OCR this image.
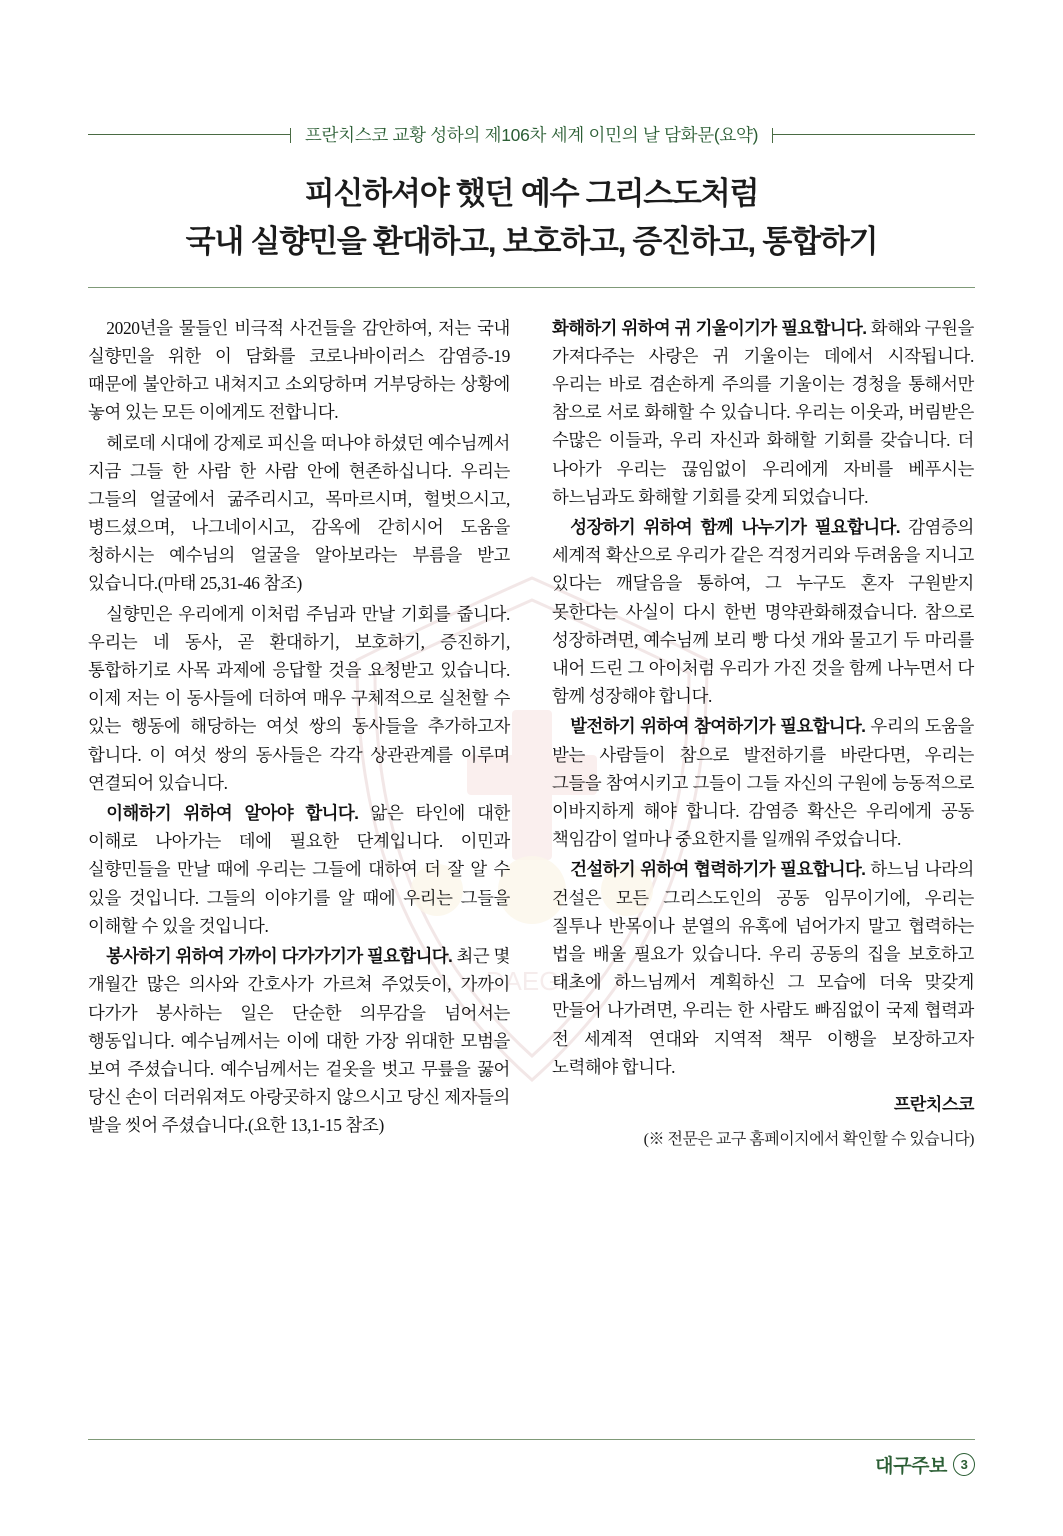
DAEGU
프란치스코 교황 성하의 제106차 세계 이민의 날 담화문(요약)
피신하셔야 했던 예수 그리스도처럼
국내 실향민을 환대하고, 보호하고, 증진하고, 통합하기

2020년을 물들인 비극적 사건들을 감안하여, 저는 국내 실향민을 위한 이 담화를 코로나바이러스 감염증-19 때문에 불안하고 내쳐지고 소외당하며 거부당하는 상황에 놓여 있는 모든 이에게도 전합니다.

헤로데 시대에 강제로 피신을 떠나야 하셨던 예수님께서 지금 그들 한 사람 한 사람 안에 현존하십니다. 우리는 그들의 얼굴에서 굶주리시고, 목마르시며, 헐벗으시고, 병드셨으며, 나그네이시고, 감옥에 갇히시어 도움을 청하시는 예수님의 얼굴을 알아보라는 부름을 받고 있습니다.(마태 25,31-46 참조)

실향민은 우리에게 이처럼 주님과 만날 기회를 줍니다. 우리는 네 동사, 곧 환대하기, 보호하기, 증진하기, 통합하기로 사목 과제에 응답할 것을 요청받고 있습니다. 이제 저는 이 동사들에 더하여 매우 구체적으로 실천할 수 있는 행동에 해당하는 여섯 쌍의 동사들을 추가하고자 합니다. 이 여섯 쌍의 동사들은 각각 상관관계를 이루며 연결되어 있습니다.

이해하기 위하여 알아야 합니다. 앎은 타인에 대한 이해로 나아가는 데에 필요한 단계입니다. 이민과 실향민들을 만날 때에 우리는 그들에 대하여 더 잘 알 수 있을 것입니다. 그들의 이야기를 알 때에 우리는 그들을 이해할 수 있을 것입니다.

봉사하기 위하여 가까이 다가가기가 필요합니다. 최근 몇 개월간 많은 의사와 간호사가 가르쳐 주었듯이, 가까이 다가가 봉사하는 일은 단순한 의무감을 넘어서는 행동입니다. 예수님께서는 이에 대한 가장 위대한 모범을 보여 주셨습니다. 예수님께서는 겉옷을 벗고 무릎을 꿇어 당신 손이 더러워져도 아랑곳하지 않으시고 당신 제자들의 발을 씻어 주셨습니다.(요한 13,1-15 참조)

화해하기 위하여 귀 기울이기가 필요합니다. 화해와 구원을 가져다주는 사랑은 귀 기울이는 데에서 시작됩니다. 우리는 바로 겸손하게 주의를 기울이는 경청을 통해서만 참으로 서로 화해할 수 있습니다. 우리는 이웃과, 버림받은 수많은 이들과, 우리 자신과 화해할 기회를 갖습니다. 더 나아가 우리는 끊임없이 우리에게 자비를 베푸시는 하느님과도 화해할 기회를 갖게 되었습니다.

성장하기 위하여 함께 나누기가 필요합니다. 감염증의 세계적 확산으로 우리가 같은 걱정거리와 두려움을 지니고 있다는 깨달음을 통하여, 그 누구도 혼자 구원받지 못한다는 사실이 다시 한번 명약관화해졌습니다. 참으로 성장하려면, 예수님께 보리 빵 다섯 개와 물고기 두 마리를 내어 드린 그 아이처럼 우리가 가진 것을 함께 나누면서 다 함께 성장해야 합니다.

발전하기 위하여 참여하기가 필요합니다. 우리의 도움을 받는 사람들이 참으로 발전하기를 바란다면, 우리는 그들을 참여시키고 그들이 그들 자신의 구원에 능동적으로 이바지하게 해야 합니다. 감염증 확산은 우리에게 공동 책임감이 얼마나 중요한지를 일깨워 주었습니다.

건설하기 위하여 협력하기가 필요합니다. 하느님 나라의 건설은 모든 그리스도인의 공동 임무이기에, 우리는 질투나 반목이나 분열의 유혹에 넘어가지 말고 협력하는 법을 배울 필요가 있습니다. 우리 공동의 집을 보호하고 태초에 하느님께서 계획하신 그 모습에 더욱 맞갖게 만들어 나가려면, 우리는 한 사람도 빠짐없이 국제 협력과 전 세계적 연대와 지역적 책무 이행을 보장하고자 노력해야 합니다.

프란치스코
(※ 전문은 교구 홈페이지에서 확인할 수 있습니다)
대구주보	3
